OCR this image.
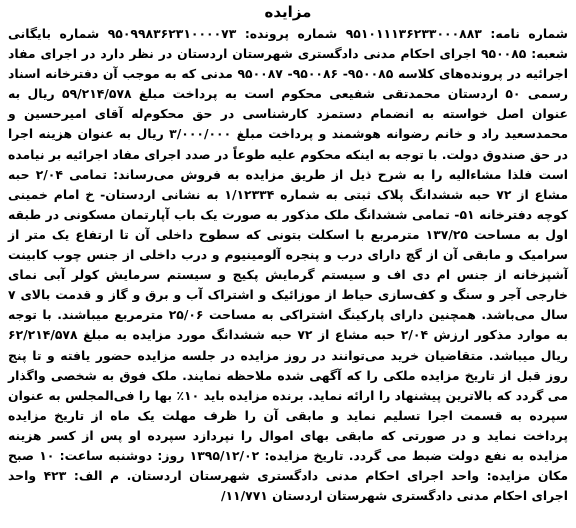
مزایده

شماره نامه: ۹۵۱۰۱۱۱۳۶۲۳۳۰۰۰۸۸۳ شماره پرونده: ۹۵۰۹۹۸۳۶۲۳۱۰۰۰۰۷۳ شماره بایگانی شعبه: ۹۵۰۰۸۵ اجرای احکام مدنی دادگستری شهرستان اردستان در نظر دارد در اجرای مفاد اجرائیه در پرونده‌های کلاسه ۹۵۰۰۸۵- ۹۵۰۰۸۶- ۹۵۰۰۸۷ مدنی که به موجب آن دفترخانه اسناد رسمی ۵۰ اردستان محمدتقی شفیعی محکوم است به پرداخت مبلغ ۵۹/۲۱۴/۵۷۸ ریال به عنوان اصل خواسته به انضمام دستمزد کارشناسی در حق محکوم‌له آقای امیرحسین و محمدسعید راد و خانم رضوانه هوشمند و پرداخت مبلغ ۳/۰۰۰/۰۰۰ ریال به عنوان هزینه اجرا در حق صندوق دولت. با توجه به اینکه محکوم علیه طوعاً در صدد اجرای مفاد اجرائیه بر نیامده است فلذا مشاءالیه را به شرح ذیل از طریق مزایده به فروش می‌رساند: تمامی ۲/۰۴ حبه مشاع از ۷۲ حبه ششدانگ پلاک ثبتی به شماره ۱/۱۲۳۳۴ به نشانی اردستان- خ امام خمینی کوچه دفترخانه ۵۱- تمامی ششدانگ ملک مذکور به صورت یک باب آپارتمان مسکونی در طبقه اول به مساحت ۱۳۷/۲۵ مترمربع با اسکلت بتونی که سطوح داخلی آن تا ارتفاع یک متر از سرامیک و مابقی آن از گچ دارای درب و پنجره آلومینیوم و درب داخلی از جنس چوب کابینت آشپزخانه از جنس ام دی اف و سیستم گرمایش پکیج و سیستم سرمایش کولر آبی نمای خارجی آجر و سنگ و کف‌سازی حیاط از موزائیک و اشتراک آب و برق و گاز و قدمت بالای ۷ سال می‌باشد. همچنین دارای پارکینگ اشتراکی به مساحت ۲۵/۰۶ مترمربع میباشند. با توجه به موارد مذکور ارزش ۲/۰۴ حبه مشاع از ۷۲ حبه ششدانگ مورد مزایده به مبلغ ۶۲/۲۱۴/۵۷۸ ریال میباشد. متقاضیان خرید می‌توانند در روز مزایده در جلسه مزایده حضور یافته و تا پنج روز قبل از تاریخ مزایده ملکی را که آگهی شده ملاحظه نمایند. ملک فوق به شخصی واگذار می گردد که بالاترین پیشنهاد را ارائه نماید. برنده مزایده باید ۱۰٪ بها را فی‌المجلس به عنوان سپرده به قسمت اجرا تسلیم نماید و مابقی آن را ظرف مهلت یک ماه از تاریخ مزایده پرداخت نماید و در صورتی که مابقی بهای اموال را نپردازد سپرده او پس از کسر هزینه مزایده به نفع دولت ضبط می گردد. تاریخ مزایده: ۱۳۹۵/۱۲/۰۲ روز: دوشنبه ساعت: ۱۰ صبح مکان مزایده: واحد اجرای احکام مدنی دادگستری شهرستان اردستان. م الف: ۴۲۳ واحد اجرای احکام مدنی دادگستری شهرستان اردستان ۱۱/۷۷۱/
